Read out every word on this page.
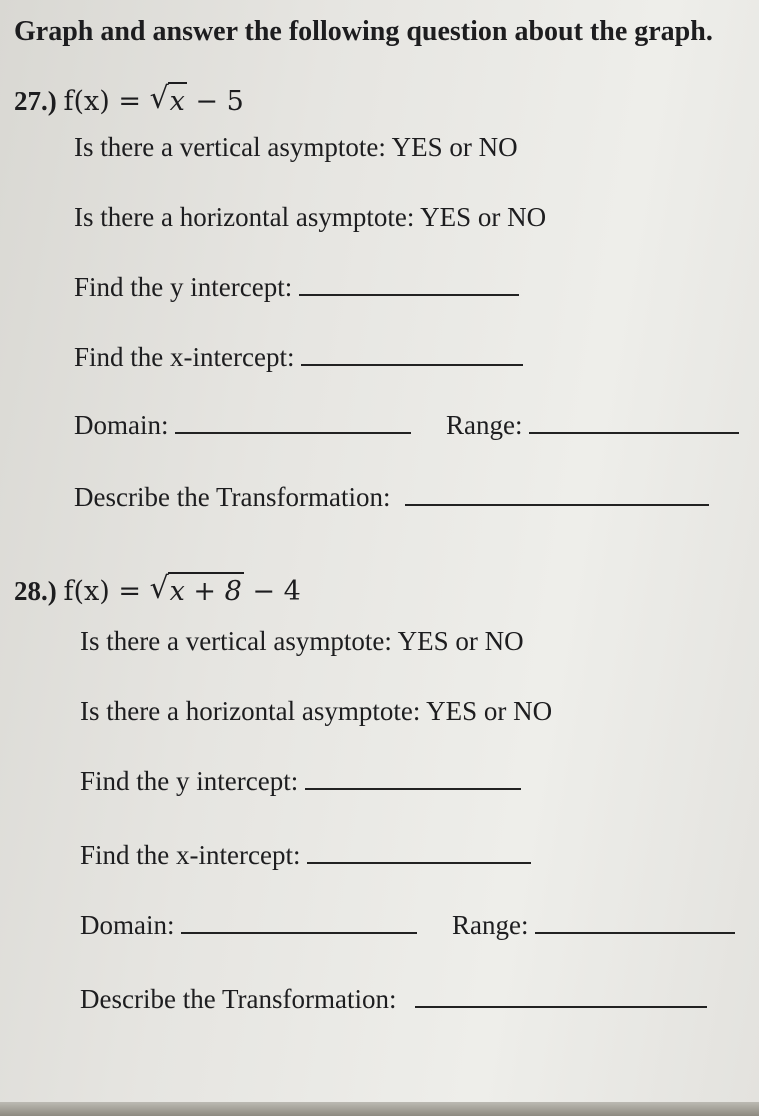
Graph and answer the following question about the graph.
27.) f(x) = √ x − 5
Is there a vertical asymptote: YES or NO
Is there a horizontal asymptote: YES or NO
Find the y intercept:
Find the x-intercept:
Domain:	Range:
Describe the Transformation:
28.) f(x) = √ x + 8 − 4
Is there a vertical asymptote: YES or NO
Is there a horizontal asymptote: YES or NO
Find the y intercept:
Find the x-intercept:
Domain:	Range:
Describe the Transformation:
